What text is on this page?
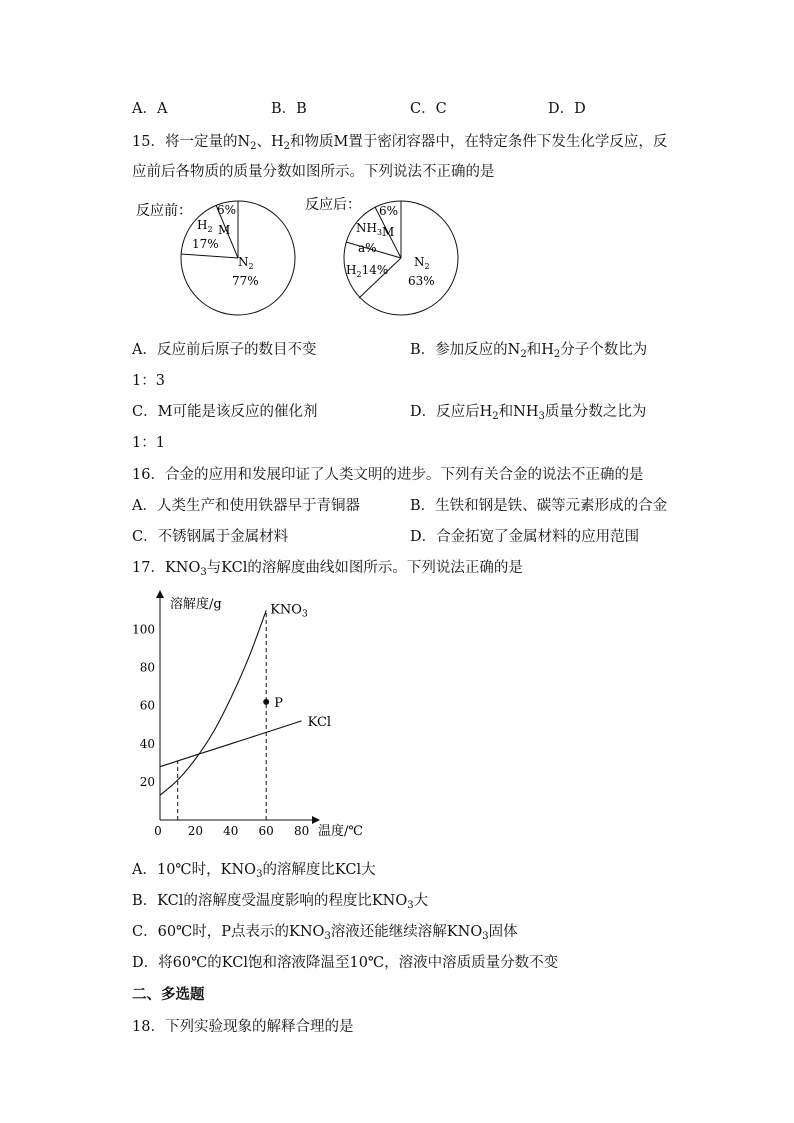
A．A	B．B	C．C	D．D
15．将一定量的$N_2$、$H_2$和物质M置于密闭容器中，在特定条件下发生化学反应，反
应前后各物质的质量分数如图所示。下列说法不正确的是
反应前： 6%
M
$H_2$
17%
$N_2$
77%
反应后： 6%
M
$NH_3$
a%
$H_214\%$
$N_2$
63%
A．反应前后原子的数目不变	B．参加反应的$N_2$和$H_2$分子个数比为
1：3
C．M可能是该反应的催化剂	D．反应后$H_2$和$NH_3$质量分数之比为
1：1
16．合金的应用和发展印证了人类文明的进步。下列有关合金的说法不正确的是
A．人类生产和使用铁器早于青铜器	B．生铁和钢是铁、碳等元素形成的合金
C．不锈钢属于金属材料	D．合金拓宽了金属材料的应用范围
17．$KNO_3$与KCl的溶解度曲线如图所示。下列说法正确的是
溶解度/g
温度/℃
20
40
60
80
100
0 20 40 60 80
$KNO_3$
KCl
P
A．10℃时，$KNO_3$的溶解度比KCl大
B．KCl的溶解度受温度影响的程度比$KNO_3$大
C．60℃时，P点表示的$KNO_3$溶液还能继续溶解$KNO_3$固体
D．将60℃的KCl饱和溶液降温至10℃，溶液中溶质质量分数不变
二、多选题
18．下列实验现象的解释合理的是
